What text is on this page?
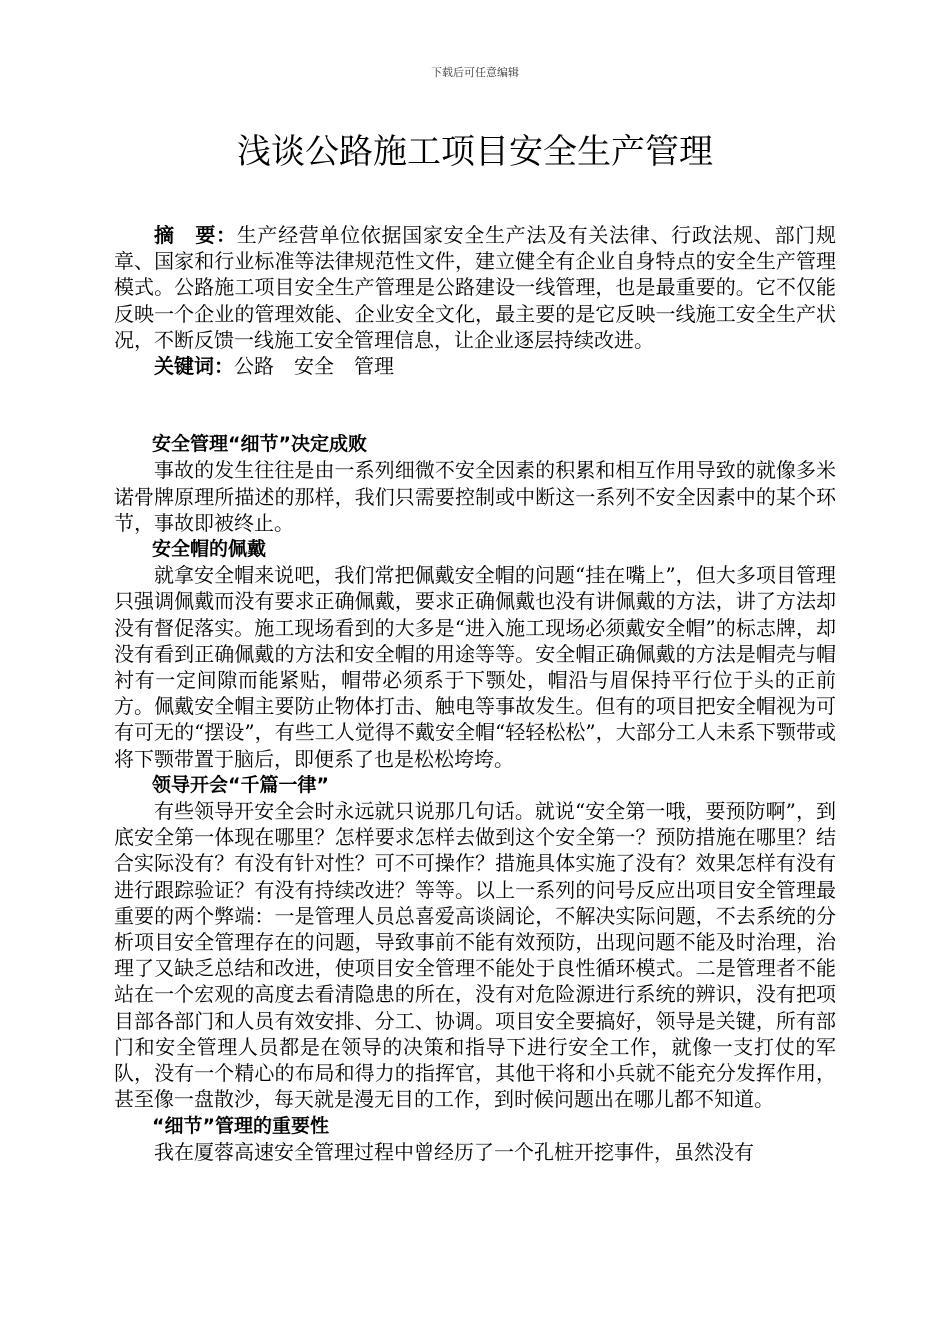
下载后可任意编辑
浅谈公路施工项目安全生产管理

摘　要：生产经营单位依据国家安全生产法及有关法律、行政法规、部门规章、国家和行业标准等法律规范性文件，建立健全有企业自身特点的安全生产管理模式。公路施工项目安全生产管理是公路建设一线管理，也是最重要的。它不仅能反映一个企业的管理效能、企业安全文化，最主要的是它反映一线施工安全生产状况，不断反馈一线施工安全管理信息，让企业逐层持续改进。

关键词：公路　安全　管理

安全管理“细节”决定成败

事故的发生往往是由一系列细微不安全因素的积累和相互作用导致的就像多米诺骨牌原理所描述的那样，我们只需要控制或中断这一系列不安全因素中的某个环节，事故即被终止。

安全帽的佩戴

就拿安全帽来说吧，我们常把佩戴安全帽的问题“挂在嘴上”，但大多项目管理只强调佩戴而没有要求正确佩戴，要求正确佩戴也没有讲佩戴的方法，讲了方法却没有督促落实。施工现场看到的大多是“进入施工现场必须戴安全帽”的标志牌，却没有看到正确佩戴的方法和安全帽的用途等等。安全帽正确佩戴的方法是帽壳与帽衬有一定间隙而能紧贴，帽带必须系于下颚处，帽沿与眉保持平行位于头的正前方。佩戴安全帽主要防止物体打击、触电等事故发生。但有的项目把安全帽视为可有可无的“摆设”，有些工人觉得不戴安全帽“轻轻松松”，大部分工人未系下颚带或将下颚带置于脑后，即便系了也是松松垮垮。

领导开会“千篇一律”

有些领导开安全会时永远就只说那几句话。就说“安全第一哦，要预防啊”，到底安全第一体现在哪里？怎样要求怎样去做到这个安全第一？预防措施在哪里？结合实际没有？有没有针对性？可不可操作？措施具体实施了没有？效果怎样有没有进行跟踪验证？有没有持续改进？等等。以上一系列的问号反应出项目安全管理最重要的两个弊端：一是管理人员总喜爱高谈阔论，不解决实际问题，不去系统的分析项目安全管理存在的问题，导致事前不能有效预防，出现问题不能及时治理，治理了又缺乏总结和改进，使项目安全管理不能处于良性循环模式。二是管理者不能站在一个宏观的高度去看清隐患的所在，没有对危险源进行系统的辨识，没有把项目部各部门和人员有效安排、分工、协调。项目安全要搞好，领导是关键，所有部门和安全管理人员都是在领导的决策和指导下进行安全工作，就像一支打仗的军队，没有一个精心的布局和得力的指挥官，其他干将和小兵就不能充分发挥作用，甚至像一盘散沙，每天就是漫无目的工作，到时候问题出在哪儿都不知道。

“细节”管理的重要性

我在厦蓉高速安全管理过程中曾经历了一个孔桩开挖事件，虽然没有
